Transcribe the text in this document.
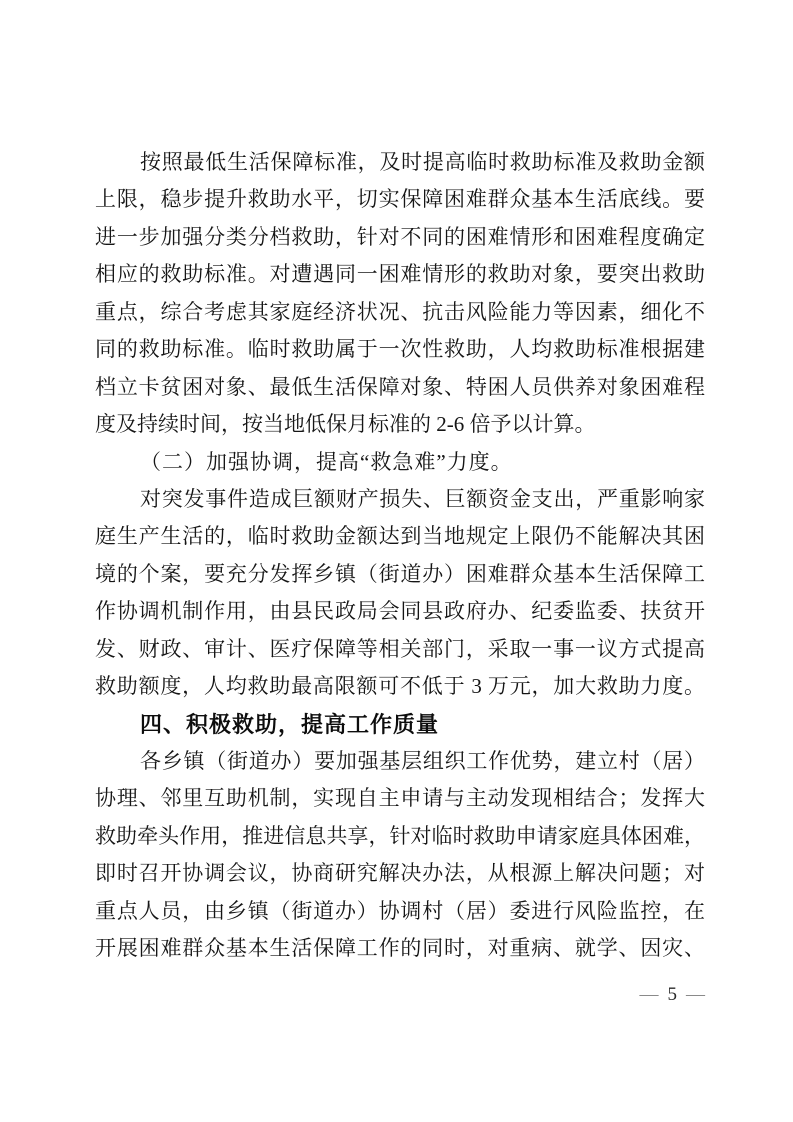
按照最低生活保障标准，及时提高临时救助标准及救助金额
上限，稳步提升救助水平，切实保障困难群众基本生活底线。要
进一步加强分类分档救助，针对不同的困难情形和困难程度确定
相应的救助标准。对遭遇同一困难情形的救助对象，要突出救助
重点，综合考虑其家庭经济状况、抗击风险能力等因素，细化不
同的救助标准。临时救助属于一次性救助，人均救助标准根据建
档立卡贫困对象、最低生活保障对象、特困人员供养对象困难程
度及持续时间，按当地低保月标准的 2-6 倍予以计算。
（二）加强协调，提高“救急难”力度。
对突发事件造成巨额财产损失、巨额资金支出，严重影响家
庭生产生活的，临时救助金额达到当地规定上限仍不能解决其困
境的个案，要充分发挥乡镇（街道办）困难群众基本生活保障工
作协调机制作用，由县民政局会同县政府办、纪委监委、扶贫开
发、财政、审计、医疗保障等相关部门，采取一事一议方式提高
救助额度，人均救助最高限额可不低于 3 万元，加大救助力度。
四、积极救助，提高工作质量
各乡镇（街道办）要加强基层组织工作优势，建立村（居）
协理、邻里互助机制，实现自主申请与主动发现相结合；发挥大
救助牵头作用，推进信息共享，针对临时救助申请家庭具体困难，
即时召开协调会议，协商研究解决办法，从根源上解决问题；对
重点人员，由乡镇（街道办）协调村（居）委进行风险监控，在
开展困难群众基本生活保障工作的同时，对重病、就学、因灾、
— 5 —
